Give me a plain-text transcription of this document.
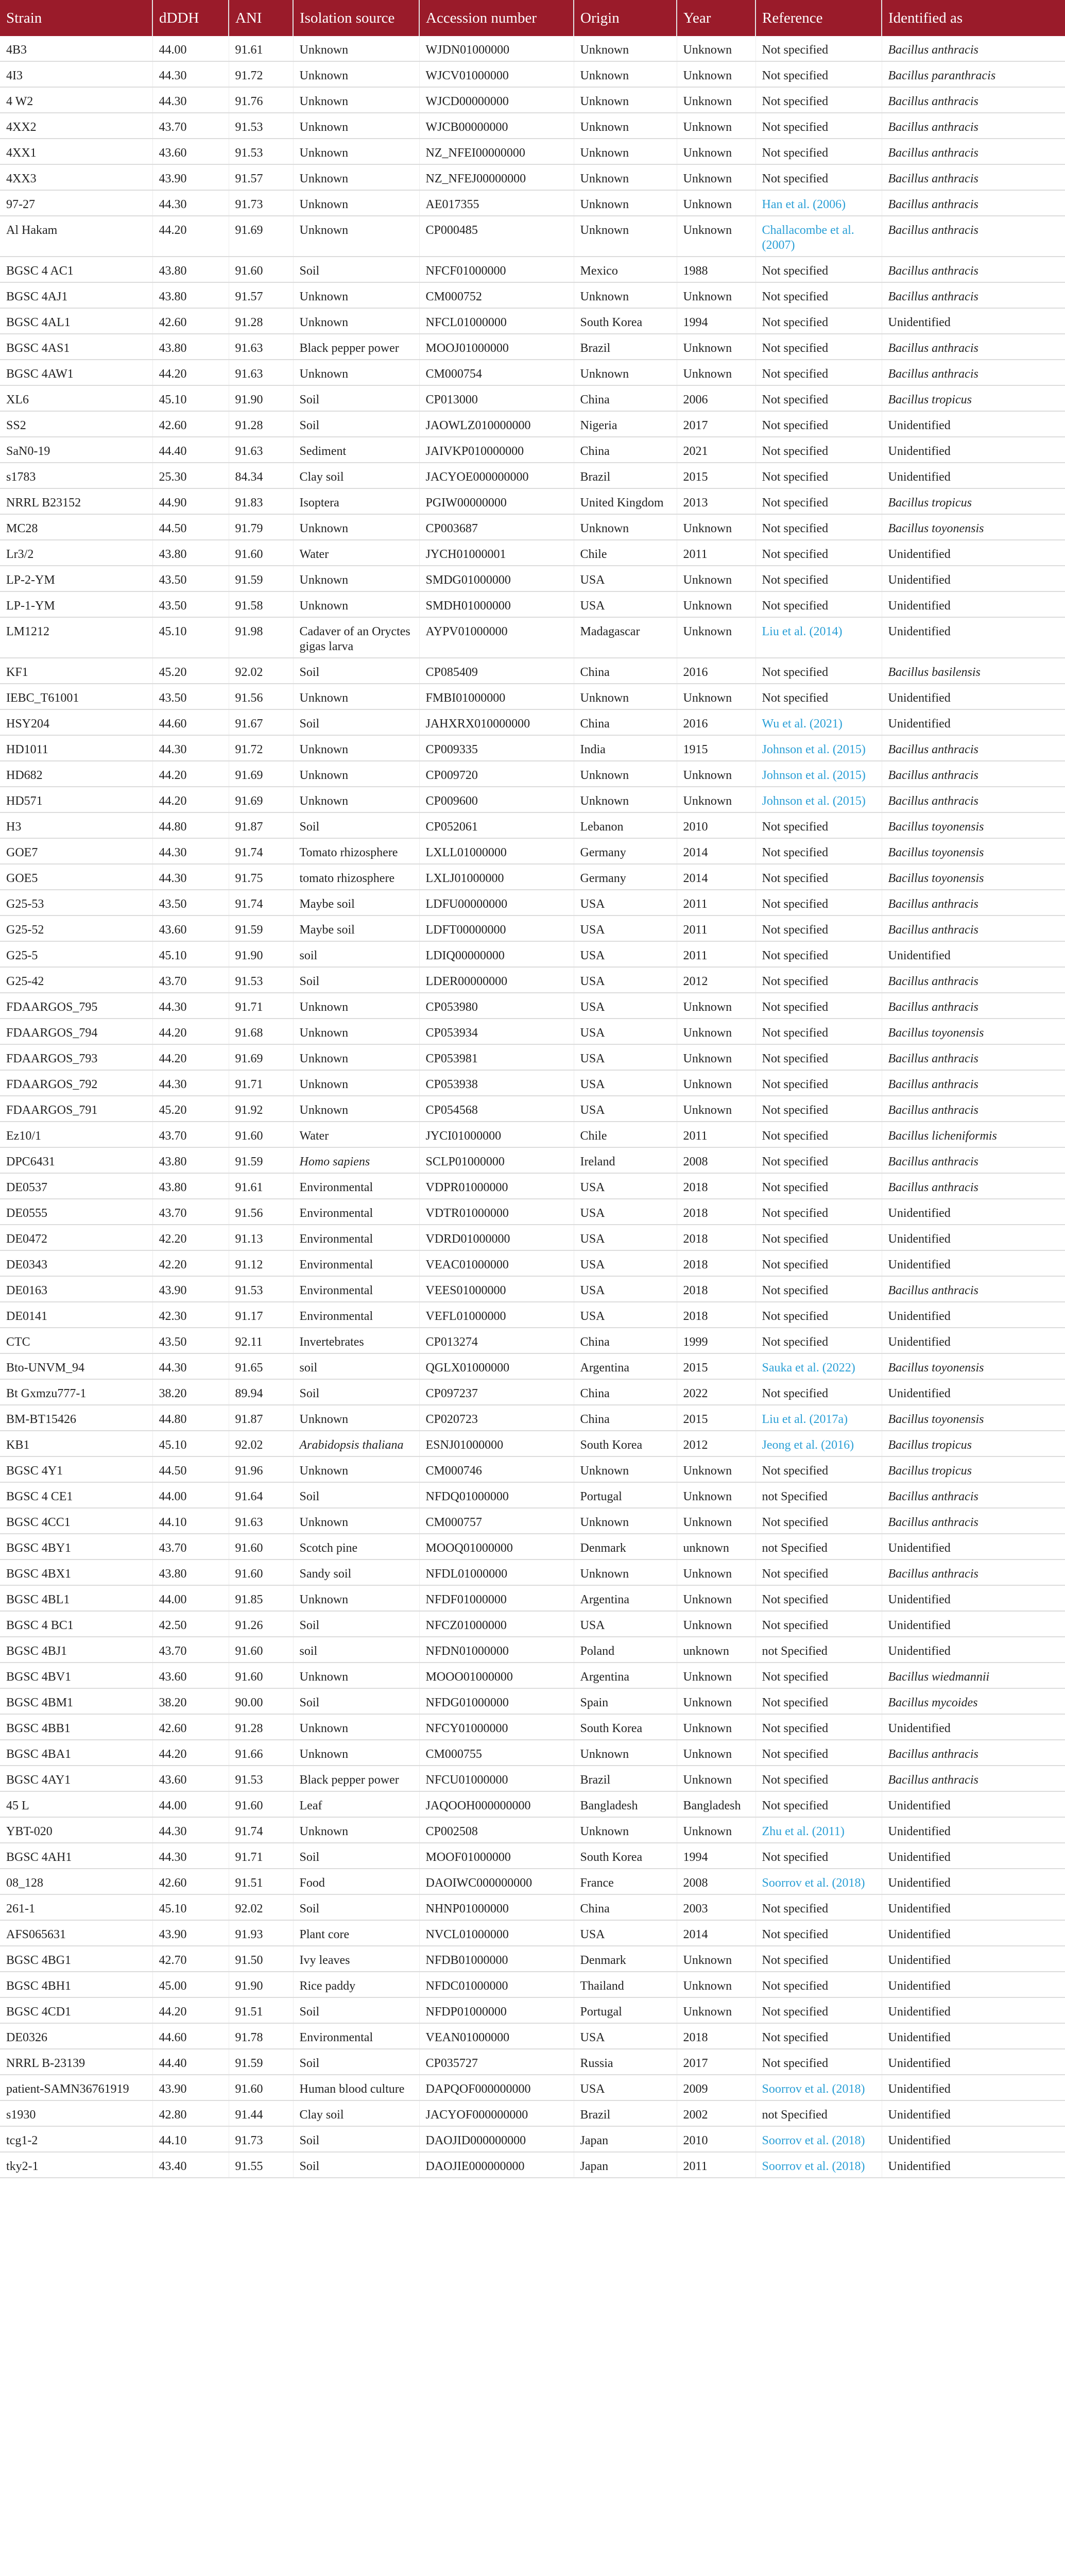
Strain	dDDH	ANI	Isolation source	Accession number	Origin	Year	Reference	Identified as
4B3	44.00	91.61	Unknown	WJDN01000000	Unknown	Unknown	Not specified	Bacillus anthracis
4I3	44.30	91.72	Unknown	WJCV01000000	Unknown	Unknown	Not specified	Bacillus paranthracis
4 W2	44.30	91.76	Unknown	WJCD00000000	Unknown	Unknown	Not specified	Bacillus anthracis
4XX2	43.70	91.53	Unknown	WJCB00000000	Unknown	Unknown	Not specified	Bacillus anthracis
4XX1	43.60	91.53	Unknown	NZ_NFEI00000000	Unknown	Unknown	Not specified	Bacillus anthracis
4XX3	43.90	91.57	Unknown	NZ_NFEJ00000000	Unknown	Unknown	Not specified	Bacillus anthracis
97-27	44.30	91.73	Unknown	AE017355	Unknown	Unknown	Han et al. (2006)	Bacillus anthracis
Al Hakam	44.20	91.69	Unknown	CP000485	Unknown	Unknown	Challacombe et al. (2007)	Bacillus anthracis
BGSC 4 AC1	43.80	91.60	Soil	NFCF01000000	Mexico	1988	Not specified	Bacillus anthracis
BGSC 4AJ1	43.80	91.57	Unknown	CM000752	Unknown	Unknown	Not specified	Bacillus anthracis
BGSC 4AL1	42.60	91.28	Unknown	NFCL01000000	South Korea	1994	Not specified	Unidentified
BGSC 4AS1	43.80	91.63	Black pepper power	MOOJ01000000	Brazil	Unknown	Not specified	Bacillus anthracis
BGSC 4AW1	44.20	91.63	Unknown	CM000754	Unknown	Unknown	Not specified	Bacillus anthracis
XL6	45.10	91.90	Soil	CP013000	China	2006	Not specified	Bacillus tropicus
SS2	42.60	91.28	Soil	JAOWLZ010000000	Nigeria	2017	Not specified	Unidentified
SaN0-19	44.40	91.63	Sediment	JAIVKP010000000	China	2021	Not specified	Unidentified
s1783	25.30	84.34	Clay soil	JACYOE000000000	Brazil	2015	Not specified	Unidentified
NRRL B23152	44.90	91.83	Isoptera	PGIW00000000	United Kingdom	2013	Not specified	Bacillus tropicus
MC28	44.50	91.79	Unknown	CP003687	Unknown	Unknown	Not specified	Bacillus toyonensis
Lr3/2	43.80	91.60	Water	JYCH01000001	Chile	2011	Not specified	Unidentified
LP-2-YM	43.50	91.59	Unknown	SMDG01000000	USA	Unknown	Not specified	Unidentified
LP-1-YM	43.50	91.58	Unknown	SMDH01000000	USA	Unknown	Not specified	Unidentified
LM1212	45.10	91.98	Cadaver of an Oryctes gigas larva	AYPV01000000	Madagascar	Unknown	Liu et al. (2014)	Unidentified
KF1	45.20	92.02	Soil	CP085409	China	2016	Not specified	Bacillus basilensis
IEBC_T61001	43.50	91.56	Unknown	FMBI01000000	Unknown	Unknown	Not specified	Unidentified
HSY204	44.60	91.67	Soil	JAHXRX010000000	China	2016	Wu et al. (2021)	Unidentified
HD1011	44.30	91.72	Unknown	CP009335	India	1915	Johnson et al. (2015)	Bacillus anthracis
HD682	44.20	91.69	Unknown	CP009720	Unknown	Unknown	Johnson et al. (2015)	Bacillus anthracis
HD571	44.20	91.69	Unknown	CP009600	Unknown	Unknown	Johnson et al. (2015)	Bacillus anthracis
H3	44.80	91.87	Soil	CP052061	Lebanon	2010	Not specified	Bacillus toyonensis
GOE7	44.30	91.74	Tomato rhizosphere	LXLL01000000	Germany	2014	Not specified	Bacillus toyonensis
GOE5	44.30	91.75	tomato rhizosphere	LXLJ01000000	Germany	2014	Not specified	Bacillus toyonensis
G25-53	43.50	91.74	Maybe soil	LDFU00000000	USA	2011	Not specified	Bacillus anthracis
G25-52	43.60	91.59	Maybe soil	LDFT00000000	USA	2011	Not specified	Bacillus anthracis
G25-5	45.10	91.90	soil	LDIQ00000000	USA	2011	Not specified	Unidentified
G25-42	43.70	91.53	Soil	LDER00000000	USA	2012	Not specified	Bacillus anthracis
FDAARGOS_795	44.30	91.71	Unknown	CP053980	USA	Unknown	Not specified	Bacillus anthracis
FDAARGOS_794	44.20	91.68	Unknown	CP053934	USA	Unknown	Not specified	Bacillus toyonensis
FDAARGOS_793	44.20	91.69	Unknown	CP053981	USA	Unknown	Not specified	Bacillus anthracis
FDAARGOS_792	44.30	91.71	Unknown	CP053938	USA	Unknown	Not specified	Bacillus anthracis
FDAARGOS_791	45.20	91.92	Unknown	CP054568	USA	Unknown	Not specified	Bacillus anthracis
Ez10/1	43.70	91.60	Water	JYCI01000000	Chile	2011	Not specified	Bacillus licheniformis
DPC6431	43.80	91.59	Homo sapiens	SCLP01000000	Ireland	2008	Not specified	Bacillus anthracis
DE0537	43.80	91.61	Environmental	VDPR01000000	USA	2018	Not specified	Bacillus anthracis
DE0555	43.70	91.56	Environmental	VDTR01000000	USA	2018	Not specified	Unidentified
DE0472	42.20	91.13	Environmental	VDRD01000000	USA	2018	Not specified	Unidentified
DE0343	42.20	91.12	Environmental	VEAC01000000	USA	2018	Not specified	Unidentified
DE0163	43.90	91.53	Environmental	VEES01000000	USA	2018	Not specified	Bacillus anthracis
DE0141	42.30	91.17	Environmental	VEFL01000000	USA	2018	Not specified	Unidentified
CTC	43.50	92.11	Invertebrates	CP013274	China	1999	Not specified	Unidentified
Bto-UNVM_94	44.30	91.65	soil	QGLX01000000	Argentina	2015	Sauka et al. (2022)	Bacillus toyonensis
Bt Gxmzu777-1	38.20	89.94	Soil	CP097237	China	2022	Not specified	Unidentified
BM-BT15426	44.80	91.87	Unknown	CP020723	China	2015	Liu et al. (2017a)	Bacillus toyonensis
KB1	45.10	92.02	Arabidopsis thaliana	ESNJ01000000	South Korea	2012	Jeong et al. (2016)	Bacillus tropicus
BGSC 4Y1	44.50	91.96	Unknown	CM000746	Unknown	Unknown	Not specified	Bacillus tropicus
BGSC 4 CE1	44.00	91.64	Soil	NFDQ01000000	Portugal	Unknown	not Specified	Bacillus anthracis
BGSC 4CC1	44.10	91.63	Unknown	CM000757	Unknown	Unknown	Not specified	Bacillus anthracis
BGSC 4BY1	43.70	91.60	Scotch pine	MOOQ01000000	Denmark	unknown	not Specified	Unidentified
BGSC 4BX1	43.80	91.60	Sandy soil	NFDL01000000	Unknown	Unknown	Not specified	Bacillus anthracis
BGSC 4BL1	44.00	91.85	Unknown	NFDF01000000	Argentina	Unknown	Not specified	Unidentified
BGSC 4 BC1	42.50	91.26	Soil	NFCZ01000000	USA	Unknown	Not specified	Unidentified
BGSC 4BJ1	43.70	91.60	soil	NFDN01000000	Poland	unknown	not Specified	Unidentified
BGSC 4BV1	43.60	91.60	Unknown	MOOO01000000	Argentina	Unknown	Not specified	Bacillus wiedmannii
BGSC 4BM1	38.20	90.00	Soil	NFDG01000000	Spain	Unknown	Not specified	Bacillus mycoides
BGSC 4BB1	42.60	91.28	Unknown	NFCY01000000	South Korea	Unknown	Not specified	Unidentified
BGSC 4BA1	44.20	91.66	Unknown	CM000755	Unknown	Unknown	Not specified	Bacillus anthracis
BGSC 4AY1	43.60	91.53	Black pepper power	NFCU01000000	Brazil	Unknown	Not specified	Bacillus anthracis
45 L	44.00	91.60	Leaf	JAQOOH000000000	Bangladesh	Bangladesh	Not specified	Unidentified
YBT-020	44.30	91.74	Unknown	CP002508	Unknown	Unknown	Zhu et al. (2011)	Unidentified
BGSC 4AH1	44.30	91.71	Soil	MOOF01000000	South Korea	1994	Not specified	Unidentified
08_128	42.60	91.51	Food	DAOIWC000000000	France	2008	Soorrov et al. (2018)	Unidentified
261-1	45.10	92.02	Soil	NHNP01000000	China	2003	Not specified	Unidentified
AFS065631	43.90	91.93	Plant core	NVCL01000000	USA	2014	Not specified	Unidentified
BGSC 4BG1	42.70	91.50	Ivy leaves	NFDB01000000	Denmark	Unknown	Not specified	Unidentified
BGSC 4BH1	45.00	91.90	Rice paddy	NFDC01000000	Thailand	Unknown	Not specified	Unidentified
BGSC 4CD1	44.20	91.51	Soil	NFDP01000000	Portugal	Unknown	Not specified	Unidentified
DE0326	44.60	91.78	Environmental	VEAN01000000	USA	2018	Not specified	Unidentified
NRRL B-23139	44.40	91.59	Soil	CP035727	Russia	2017	Not specified	Unidentified
patient-SAMN36761919	43.90	91.60	Human blood culture	DAPQOF000000000	USA	2009	Soorrov et al. (2018)	Unidentified
s1930	42.80	91.44	Clay soil	JACYOF000000000	Brazil	2002	not Specified	Unidentified
tcg1-2	44.10	91.73	Soil	DAOJID000000000	Japan	2010	Soorrov et al. (2018)	Unidentified
tky2-1	43.40	91.55	Soil	DAOJIE000000000	Japan	2011	Soorrov et al. (2018)	Unidentified
